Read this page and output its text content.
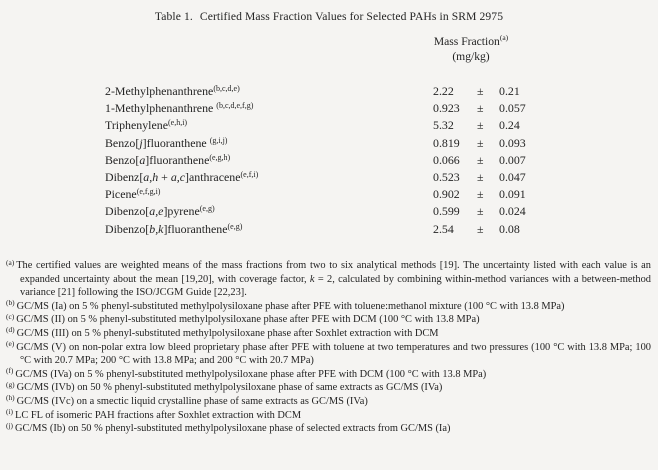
Table 1. Certified Mass Fraction Values for Selected PAHs in SRM 2975
Mass Fraction$^{(a)}$
(mg/kg)
2-Methylphenanthrene$^{(b,c,d,e)}$	2.22	±	0.21
1-Methylphenanthrene $^{(b,c,d,e,f,g)}$	0.923	±	0.057
Triphenylene$^{(e,h,i)}$	5.32	±	0.24
Benzo[j]fluoranthene $^{(g,i,j)}$	0.819	±	0.093
Benzo[a]fluoranthene$^{(e,g,h)}$	0.066	±	0.007
Dibenz[a,h + a,c]anthracene$^{(e,f,i)}$	0.523	±	0.047
Picene$^{(e,f,g,i)}$	0.902	±	0.091
Dibenzo[a,e]pyrene$^{(e,g)}$	0.599	±	0.024
Dibenzo[b,k]fluoranthene$^{(e,g)}$	2.54	±	0.08
$^{(a)}$ The certified values are weighted means of the mass fractions from two to six analytical methods [19]. The uncertainty listed with each value is an expanded uncertainty about the mean [19,20], with coverage factor, k = 2, calculated by combining within-method variances with a between-method variance [21] following the ISO/JCGM Guide [22,23].
$^{(b)}$ GC/MS (Ia) on 5 % phenyl-substituted methylpolysiloxane phase after PFE with toluene:methanol mixture (100 °C with 13.8 MPa)
$^{(c)}$ GC/MS (II) on 5 % phenyl-substituted methylpolysiloxane phase after PFE with DCM (100 °C with 13.8 MPa)
$^{(d)}$ GC/MS (III) on 5 % phenyl-substituted methylpolysiloxane phase after Soxhlet extraction with DCM
$^{(e)}$ GC/MS (V) on non-polar extra low bleed proprietary phase after PFE with toluene at two temperatures and two pressures (100 °C with 13.8 MPa; 100 °C with 20.7 MPa; 200 °C with 13.8 MPa; and 200 °C with 20.7 MPa)
$^{(f)}$ GC/MS (IVa) on 5 % phenyl-substituted methylpolysiloxane phase after PFE with DCM (100 °C with 13.8 MPa)
$^{(g)}$ GC/MS (IVb) on 50 % phenyl-substituted methylpolysiloxane phase of same extracts as GC/MS (IVa)
$^{(h)}$ GC/MS (IVc) on a smectic liquid crystalline phase of same extracts as GC/MS (IVa)
$^{(i)}$ LC FL of isomeric PAH fractions after Soxhlet extraction with DCM
$^{(j)}$ GC/MS (Ib) on 50 % phenyl-substituted methylpolysiloxane phase of selected extracts from GC/MS (Ia)
